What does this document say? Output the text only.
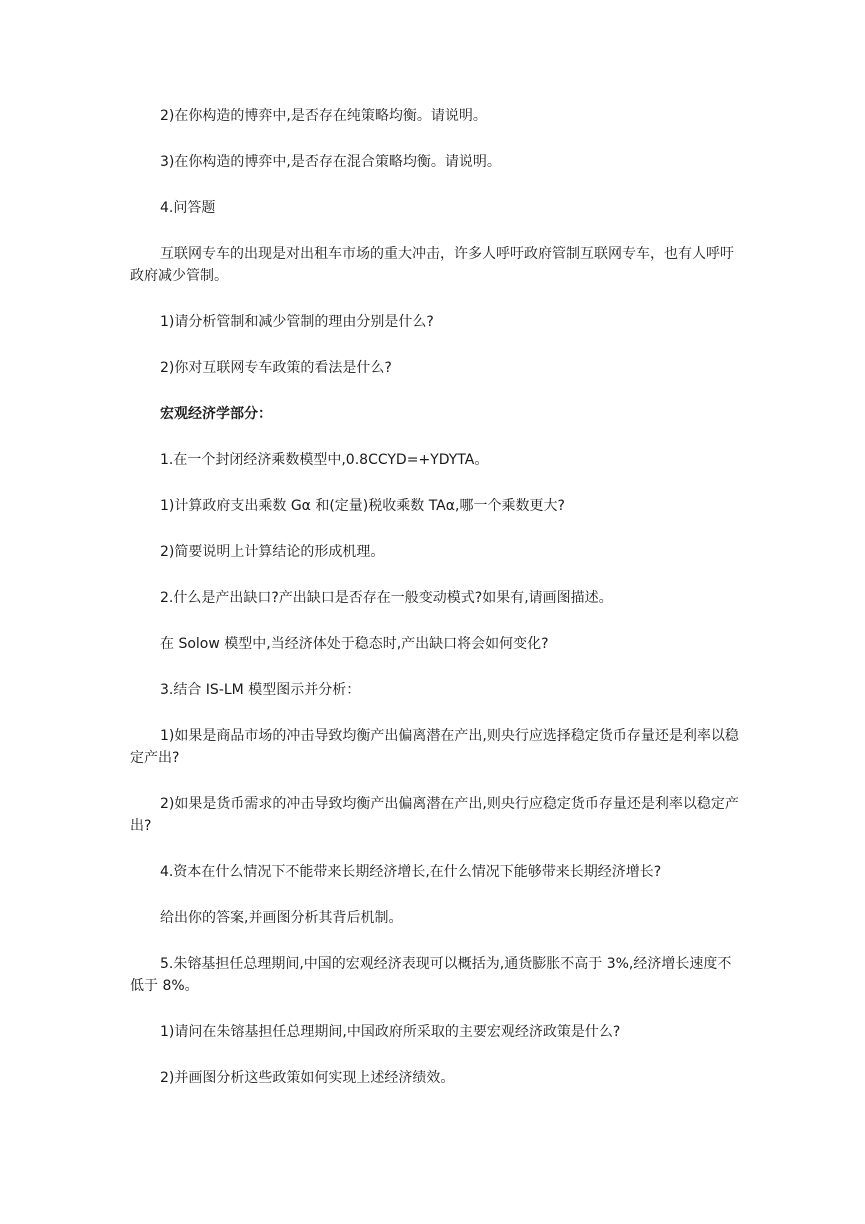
2)在你构造的博弈中,是否存在纯策略均衡。请说明。

3)在你构造的博弈中,是否存在混合策略均衡。请说明。

4.问答题

互联网专车的出现是对出租车市场的重大冲击，许多人呼吁政府管制互联网专车，也有人呼吁政府减少管制。

1)请分析管制和减少管制的理由分别是什么?

2)你对互联网专车政策的看法是什么?

宏观经济学部分：

1.在一个封闭经济乘数模型中,0.8CCYD=+YDYTA。

1)计算政府支出乘数 Gα 和(定量)税收乘数 TAα,哪一个乘数更大?

2)简要说明上计算结论的形成机理。

2.什么是产出缺口?产出缺口是否存在一般变动模式?如果有,请画图描述。

在 Solow 模型中,当经济体处于稳态时,产出缺口将会如何变化?

3.结合 IS-LM 模型图示并分析：

1)如果是商品市场的冲击导致均衡产出偏离潜在产出,则央行应选择稳定货币存量还是利率以稳定产出?

2)如果是货币需求的冲击导致均衡产出偏离潜在产出,则央行应稳定货币存量还是利率以稳定产出?

4.资本在什么情况下不能带来长期经济增长,在什么情况下能够带来长期经济增长?

给出你的答案,并画图分析其背后机制。

5.朱镕基担任总理期间,中国的宏观经济表现可以概括为,通货膨胀不高于 3%,经济增长速度不低于 8%。

1)请问在朱镕基担任总理期间,中国政府所采取的主要宏观经济政策是什么?

2)并画图分析这些政策如何实现上述经济绩效。
